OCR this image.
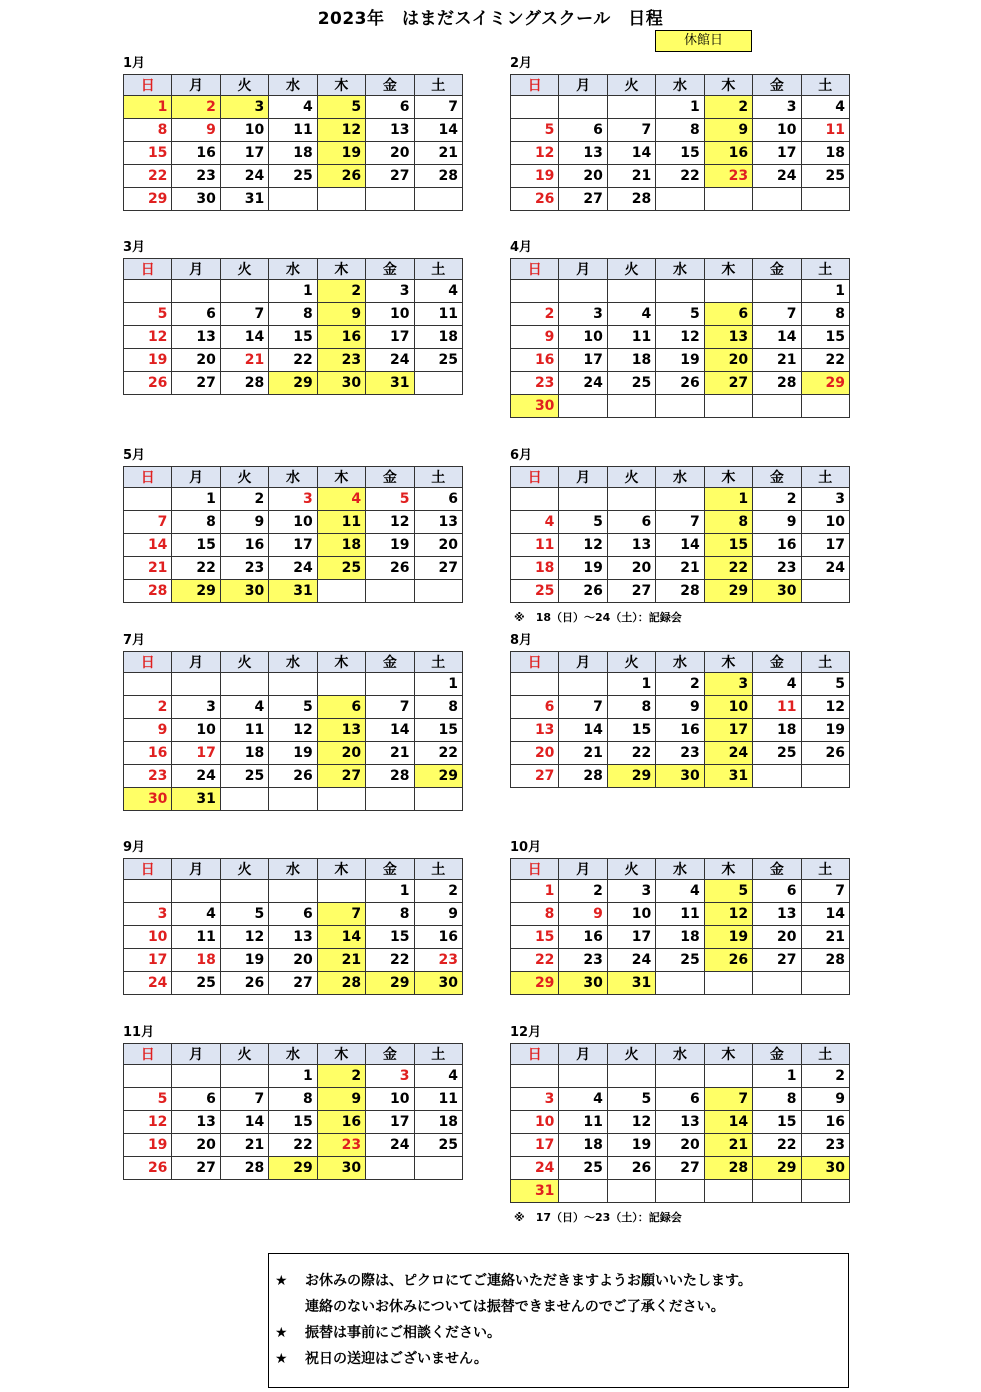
2023年　はまだスイミングスクール　日程
休館日
1月
日	月	火	水	木	金	土
1	2	3	4	5	6	7
8	9	10	11	12	13	14
15	16	17	18	19	20	21
22	23	24	25	26	27	28
29	30	31				
2月
日	月	火	水	木	金	土
			1	2	3	4
5	6	7	8	9	10	11
12	13	14	15	16	17	18
19	20	21	22	23	24	25
26	27	28				
3月
日	月	火	水	木	金	土
			1	2	3	4
5	6	7	8	9	10	11
12	13	14	15	16	17	18
19	20	21	22	23	24	25
26	27	28	29	30	31	
4月
日	月	火	水	木	金	土
						1
2	3	4	5	6	7	8
9	10	11	12	13	14	15
16	17	18	19	20	21	22
23	24	25	26	27	28	29
30						
5月
日	月	火	水	木	金	土
	1	2	3	4	5	6
7	8	9	10	11	12	13
14	15	16	17	18	19	20
21	22	23	24	25	26	27
28	29	30	31			
6月
日	月	火	水	木	金	土
				1	2	3
4	5	6	7	8	9	10
11	12	13	14	15	16	17
18	19	20	21	22	23	24
25	26	27	28	29	30	
※　18（日）～24（土）：記録会
7月
日	月	火	水	木	金	土
						1
2	3	4	5	6	7	8
9	10	11	12	13	14	15
16	17	18	19	20	21	22
23	24	25	26	27	28	29
30	31					
8月
日	月	火	水	木	金	土
		1	2	3	4	5
6	7	8	9	10	11	12
13	14	15	16	17	18	19
20	21	22	23	24	25	26
27	28	29	30	31		
9月
日	月	火	水	木	金	土
					1	2
3	4	5	6	7	8	9
10	11	12	13	14	15	16
17	18	19	20	21	22	23
24	25	26	27	28	29	30
10月
日	月	火	水	木	金	土
1	2	3	4	5	6	7
8	9	10	11	12	13	14
15	16	17	18	19	20	21
22	23	24	25	26	27	28
29	30	31				
11月
日	月	火	水	木	金	土
			1	2	3	4
5	6	7	8	9	10	11
12	13	14	15	16	17	18
19	20	21	22	23	24	25
26	27	28	29	30		
12月
日	月	火	水	木	金	土
					1	2
3	4	5	6	7	8	9
10	11	12	13	14	15	16
17	18	19	20	21	22	23
24	25	26	27	28	29	30
31						
※　17（日）～23（土）：記録会
★ お休みの際は、ピクロにてご連絡いただきますようお願いいたします。
連絡のないお休みについては振替できませんのでご了承ください。
★ 振替は事前にご相談ください。
★ 祝日の送迎はございません。
